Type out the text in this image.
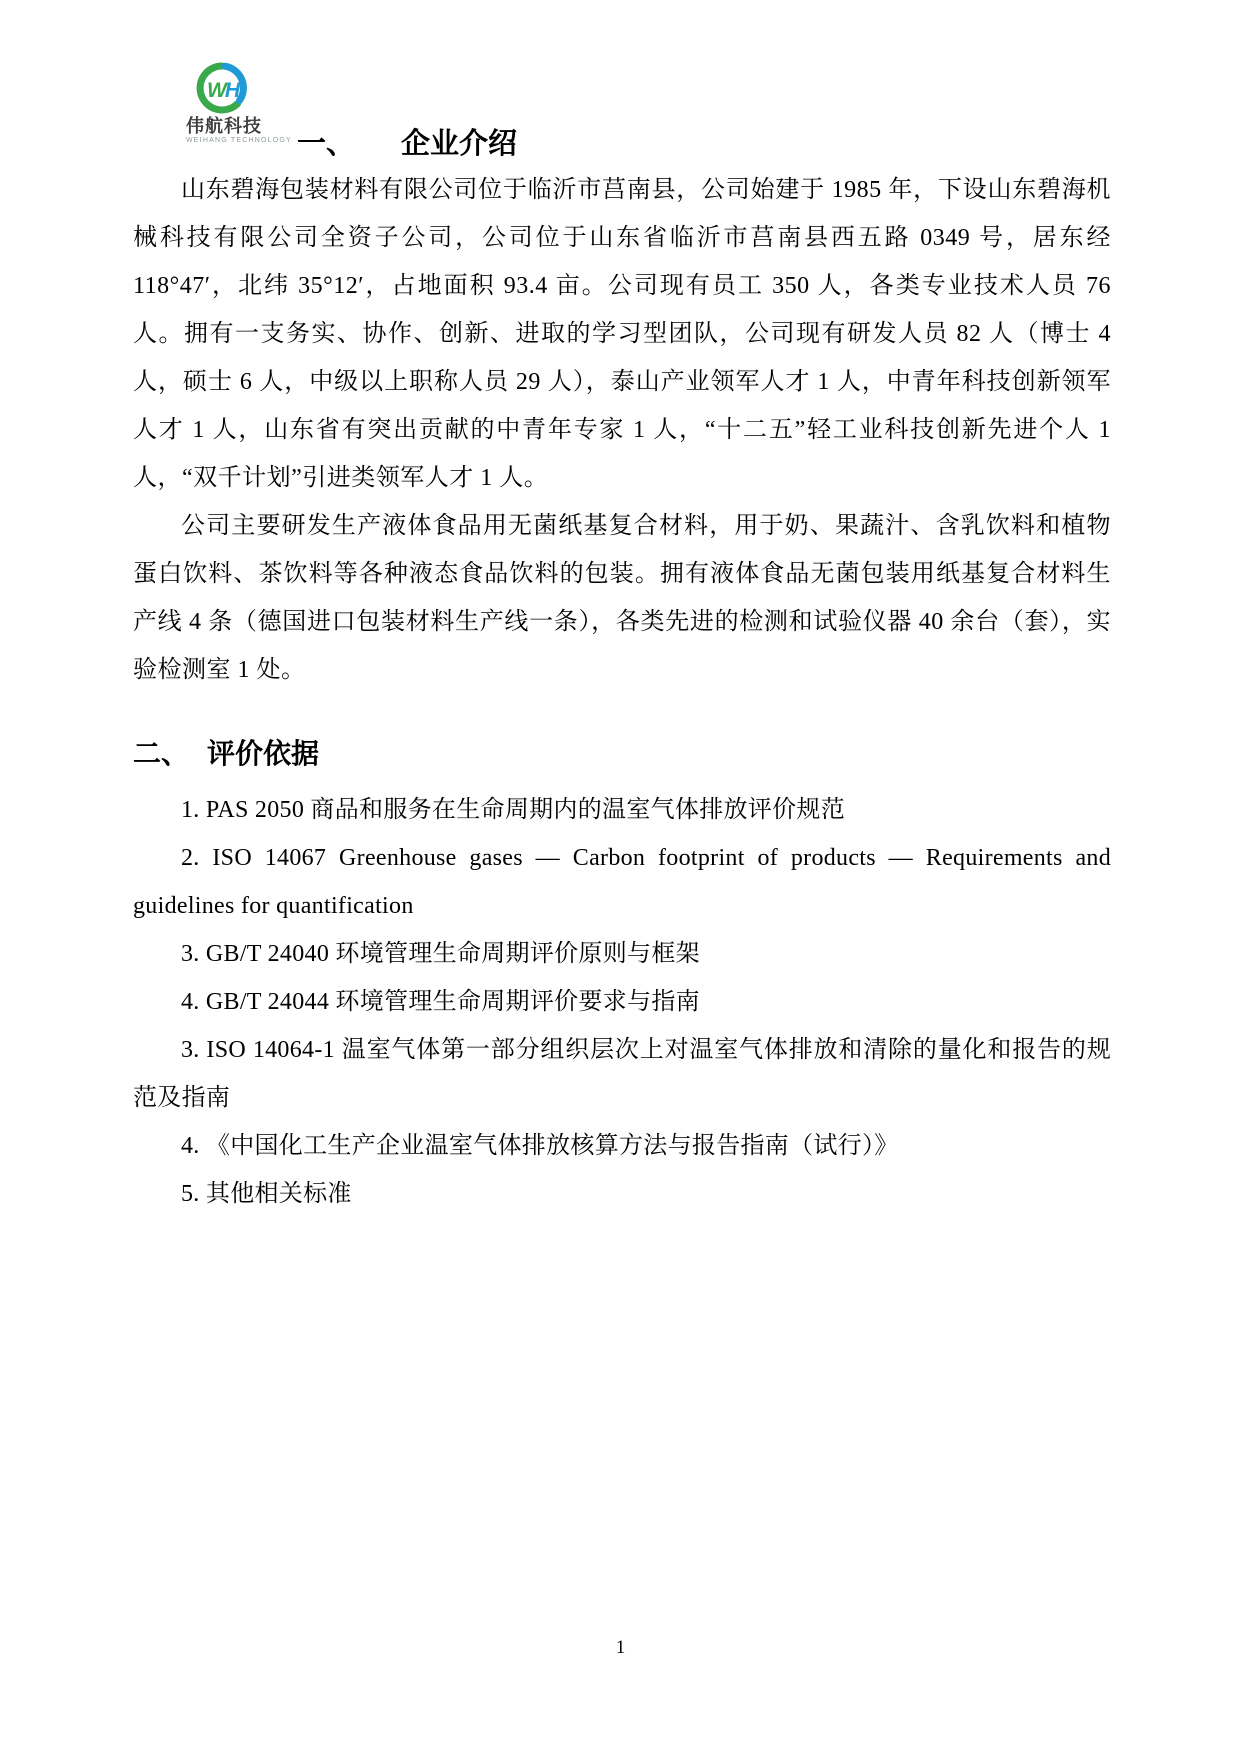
WH
伟航科技
WEIHANG TECHNOLOGY 一、 企业介绍

山东碧海包装材料有限公司位于临沂市莒南县，公司始建于 1985 年，下设山东碧海机械科技有限公司全资子公司，公司位于山东省临沂市莒南县西五路 0349 号，居东经 118°47′，北纬 35°12′，占地面积 93.4 亩。公司现有员工 350 人，各类专业技术人员 76 人。拥有一支务实、协作、创新、进取的学习型团队，公司现有研发人员 82 人（博士 4 人，硕士 6 人，中级以上职称人员 29 人），泰山产业领军人才 1 人，中青年科技创新领军人才 1 人，山东省有突出贡献的中青年专家 1 人，“十二五”轻工业科技创新先进个人 1 人，“双千计划”引进类领军人才 1 人。

公司主要研发生产液体食品用无菌纸基复合材料，用于奶、果蔬汁、含乳饮料和植物蛋白饮料、茶饮料等各种液态食品饮料的包装。拥有液体食品无菌包装用纸基复合材料生产线 4 条（德国进口包装材料生产线一条），各类先进的检测和试验仪器 40 余台（套），实验检测室 1 处。

二、 评价依据

1. PAS 2050 商品和服务在生命周期内的温室气体排放评价规范

2. ISO 14067 Greenhouse gases — Carbon footprint of products — Requirements and guidelines for quantification

3. GB/T 24040 环境管理生命周期评价原则与框架

4. GB/T 24044 环境管理生命周期评价要求与指南

3. ISO 14064-1 温室气体第一部分组织层次上对温室气体排放和清除的量化和报告的规范及指南

4. 《中国化工生产企业温室气体排放核算方法与报告指南（试行）》

5. 其他相关标准

1
